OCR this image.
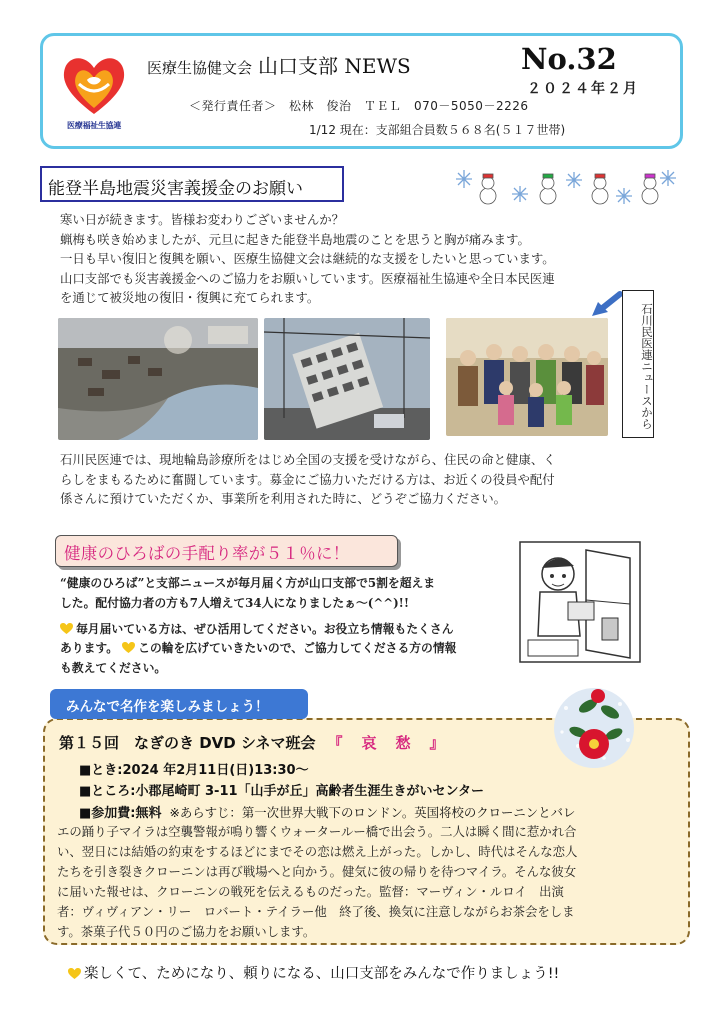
医療福祉生協連
医療生協健文会 山口支部 NEWS	No.32
２０２４年２月
＜発行責任者＞　松林　俊治　ＴＥＬ　070－5050－2226
1/12 現在：支部組合員数５６８名(５１７世帯)
能登半島地震災害義援金のお願い

寒い日が続きます。皆様お変わりございませんか？

蝋梅も咲き始めましたが、元旦に起きた能登半島地震のことを思うと胸が痛みます。

一日も早い復旧と復興を願い、医療生協健文会は継続的な支援をしたいと思っています。

山口支部でも災害義援金へのご協力をお願いしています。医療福祉生協連や全日本民医連

を通じて被災地の復旧・復興に充てられます。

石川民医連ニュースから

石川民医連では、現地輪島診療所をはじめ全国の支援を受けながら、住民の命と健康、く

らしをまもるために奮闘しています。募金にご協力いただける方は、お近くの役員や配付

係さんに預けていただくか、事業所を利用された時に、どうぞご協力ください。

健康のひろばの手配り率が５１％に！

“健康のひろば”と支部ニュースが毎月届く方が山口支部で5割を超えま

した。配付協力者の方も7人増えて34人になりましたぁ～(^^)!!

毎月届いている方は、ぜひ活用してください。お役立ち情報もたくさん

あります。 この輪を広げていきたいので、ご協力してくださる方の情報

も教えてください。

みんなで名作を楽しみましょう！
第１５回　なぎのき DVD シネマ班会 『　哀　愁　』
■とき:2024 年2月11日(日)13:30～
■ところ:小郡尾崎町 3-11「山手が丘」高齢者生涯生きがいセンター
■参加費:無料 ※あらすじ：第一次世界大戦下のロンドン。英国将校のクローニンとバレ

エの踊り子マイラは空襲警報が鳴り響くウォータールー橋で出会う。二人は瞬く間に惹かれ合

い、翌日には結婚の約束をするほどにまでその恋は燃え上がった。しかし、時代はそんな恋人

たちを引き裂きクローニンは再び戦場へと向かう。健気に彼の帰りを待つマイラ。そんな彼女

に届いた報せは、クローニンの戦死を伝えるものだった。監督：マーヴィン・ルロイ　出演

者：ヴィヴィアン・リー　ロバート・テイラー他　終了後、換気に注意しながらお茶会をしま

す。茶菓子代５０円のご協力をお願いします。

楽しくて、ためになり、頼りになる、山口支部をみんなで作りましょう!!
